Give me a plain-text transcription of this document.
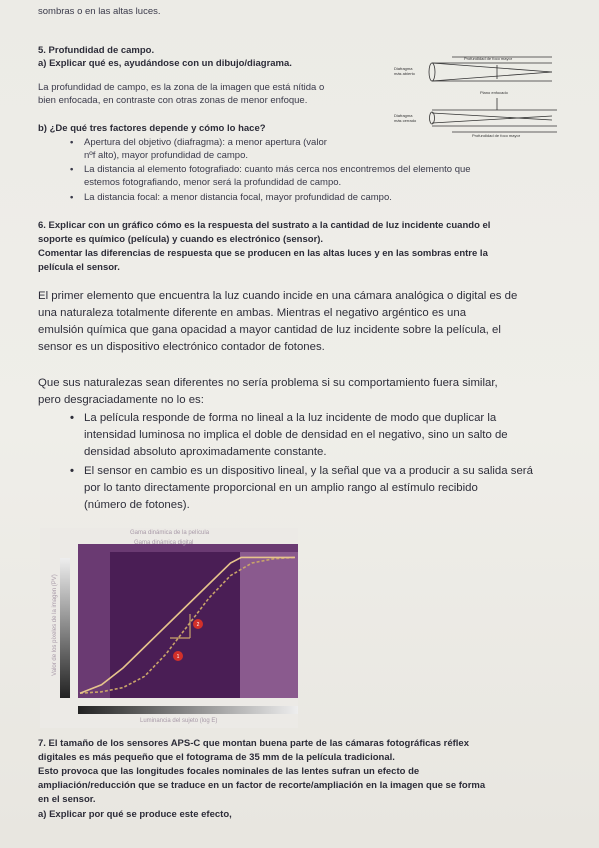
sombras o en las altas luces.
5. Profundidad de campo.
a) Explicar qué es, ayudándose con un dibujo/diagrama.
La profundidad de campo, es la zona de la imagen que está nítida o
bien enfocada, en contraste con otras zonas de menor enfoque.
b) ¿De qué tres factores depende y cómo lo hace?
• Apertura del objetivo (diafragma): a menor apertura (valor
nºf alto), mayor profundidad de campo.
• La distancia al elemento fotografiado: cuanto más cerca nos encontremos del elemento que
estemos fotografiando, menor será la profundidad de campo.
• La distancia focal: a menor distancia focal, mayor profundidad de campo.
Profundidad de foco mayor
Diafragma
más abierto
Plano enfocado
Diafragma
más cerrado
Profundidad de foco mayor
6. Explicar con un gráfico cómo es la respuesta del sustrato a la cantidad de luz incidente cuando el
soporte es químico (película) y cuando es electrónico (sensor).
Comentar las diferencias de respuesta que se producen en las altas luces y en las sombras entre la
película el sensor.
El primer elemento que encuentra la luz cuando incide en una cámara analógica o digital es de
una naturaleza totalmente diferente en ambas. Mientras el negativo argéntico es una
emulsión química que gana opacidad a mayor cantidad de luz incidente sobre la película, el
sensor es un dispositivo electrónico contador de fotones.
Que sus naturalezas sean diferentes no sería problema si su comportamiento fuera similar,
pero desgraciadamente no lo es:
• La película responde de forma no lineal a la luz incidente de modo que duplicar la
intensidad luminosa no implica el doble de densidad en el negativo, sino un salto de
densidad absoluto aproximadamente constante.
• El sensor en cambio es un dispositivo lineal, y la señal que va a producir a su salida será
por lo tanto directamente proporcional en un amplio rango al estímulo recibido
(número de fotones).
1
2
Gama dinámica de la película
Gama dinámica digital
Luminancia del sujeto (log E)
Valor de los píxeles de la imagen (PV)
7. El tamaño de los sensores APS-C que montan buena parte de las cámaras fotográficas réflex
digitales es más pequeño que el fotograma de 35 mm de la película tradicional.
Esto provoca que las longitudes focales nominales de las lentes sufran un efecto de
ampliación/reducción que se traduce en un factor de recorte/ampliación en la imagen que se forma
en el sensor.
a) Explicar por qué se produce este efecto,
